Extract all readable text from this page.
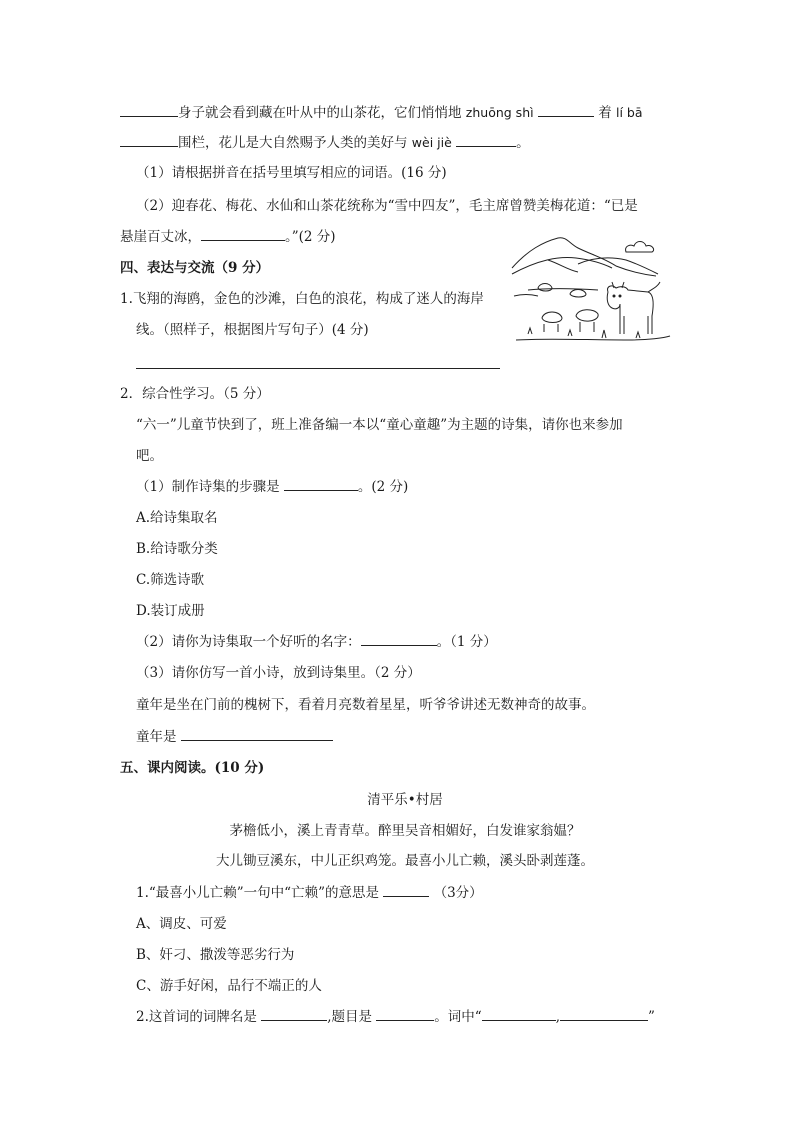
身子就会看到藏在叶从中的山茶花，它们悄悄地 zhuōng shì	着 lí bā
围栏，花儿是大自然赐予人类的美好与 wèi jiè	。
（1）请根据拼音在括号里填写相应的词语。(16 分)
（2）迎春花、梅花、水仙和山茶花统称为“雪中四友”，毛主席曾赞美梅花道：“已是
悬崖百丈冰，	。”(2 分)
四、表达与交流（9 分）
1.飞翔的海鸥，金色的沙滩，白色的浪花，构成了迷人的海岸
线。（照样子，根据图片写句子）(4 分)
2．综合性学习。（5 分）
“六一”儿童节快到了，班上准备编一本以“童心童趣”为主题的诗集，请你也来参加
吧。
（1）制作诗集的步骤是	。(2 分)
A.给诗集取名
B.给诗歌分类
C.筛选诗歌
D.装订成册
（2）请你为诗集取一个好听的名字：	。（1 分）
（3）请你仿写一首小诗，放到诗集里。（2 分）
童年是坐在门前的槐树下，看着月亮数着星星，听爷爷讲述无数神奇的故事。
童年是
五、课内阅读。(10 分)
清平乐•村居
茅檐低小，溪上青青草。醉里吴音相媚好，白发谁家翁媪？
大儿锄豆溪东，中儿正织鸡笼。最喜小儿亡赖，溪头卧剥莲蓬。
1.“最喜小儿亡赖”一句中“亡赖”的意思是	（3分）
A、调皮、可爱
B、奸刁、撒泼等恶劣行为
C、游手好闲，品行不端正的人
2.这首词的词牌名是	,题目是	。词中“	,	”
